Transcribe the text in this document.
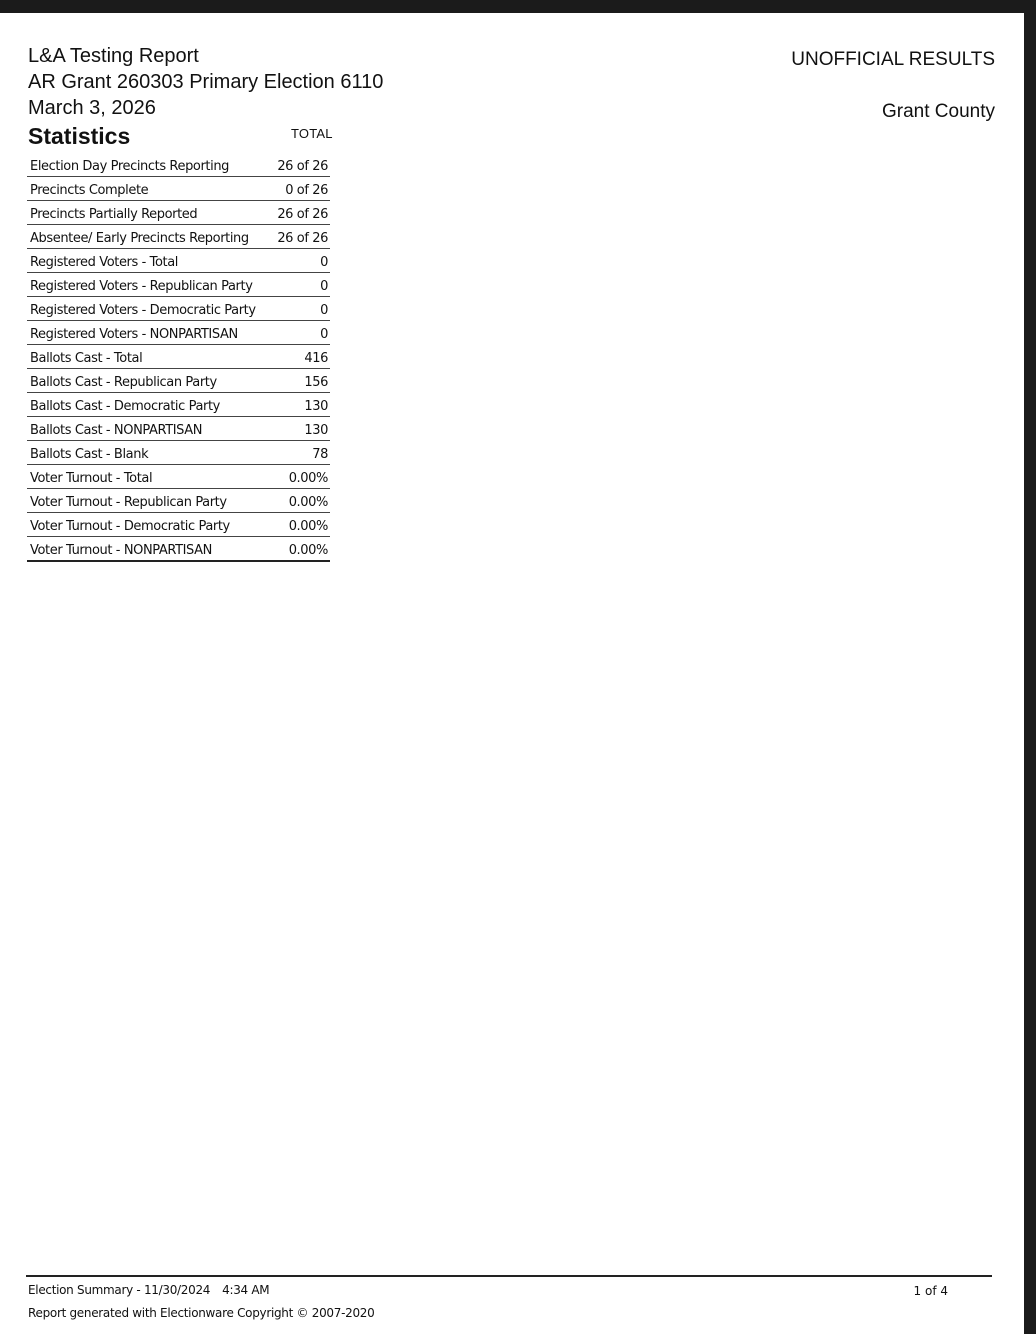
L&A Testing Report
AR Grant 260303 Primary Election 6110
March 3, 2026
Statistics
UNOFFICIAL RESULTS
Grant County
TOTAL
Election Day Precincts Reporting	26 of 26
Precincts Complete	0 of 26
Precincts Partially Reported	26 of 26
Absentee/ Early Precincts Reporting	26 of 26
Registered Voters - Total	0
Registered Voters - Republican Party	0
Registered Voters - Democratic Party	0
Registered Voters - NONPARTISAN	0
Ballots Cast - Total	416
Ballots Cast - Republican Party	156
Ballots Cast - Democratic Party	130
Ballots Cast - NONPARTISAN	130
Ballots Cast - Blank	78
Voter Turnout - Total	0.00%
Voter Turnout - Republican Party	0.00%
Voter Turnout - Democratic Party	0.00%
Voter Turnout - NONPARTISAN	0.00%
Election Summary - 11/30/2024 4:34 AM
Report generated with Electionware Copyright © 2007-2020
1 of 4
